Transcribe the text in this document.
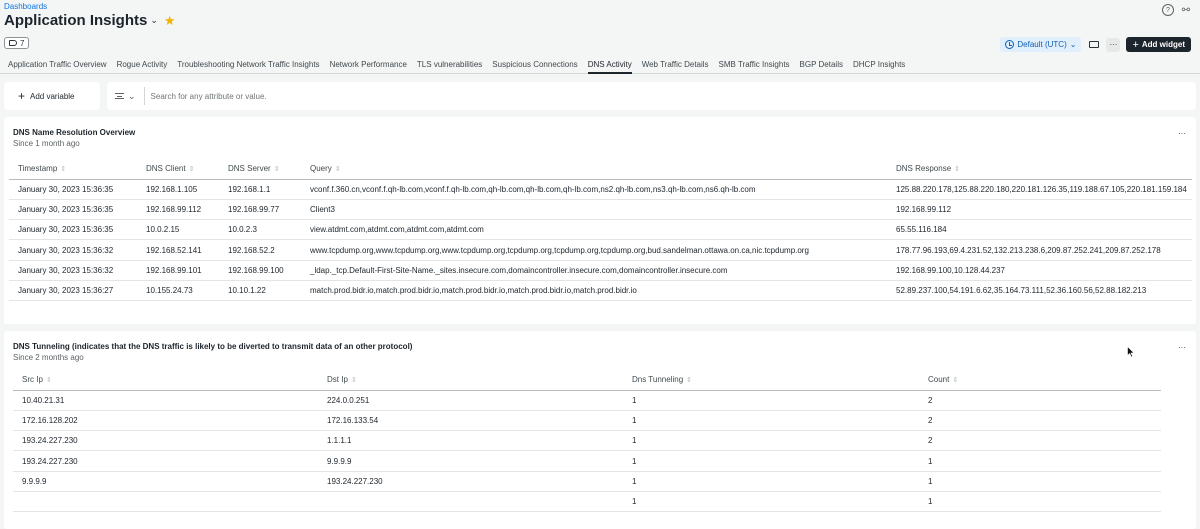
Dashboards
Application Insights ⌄ ★
7
?	⚯
Default (UTC) ⌄	··· + Add widget
Application Traffic Overview Rogue Activity Troubleshooting Network Traffic Insights Network Performance TLS vulnerabilities Suspicious Connections DNS Activity Web Traffic Details SMB Traffic Insights BGP Details DHCP Insights
+ Add variable	⌄ Search for any attribute or value.
DNS Name Resolution Overview
Since 1 month ago
···
Timestamp ⇕	DNS Client ⇕	DNS Server ⇕	Query ⇕	DNS Response ⇕
January 30, 2023 15:36:35	192.168.1.105	192.168.1.1	vconf.f.360.cn,vconf.f.qh-lb.com,vconf.f.qh-lb.com,qh-lb.com,qh-lb.com,qh-lb.com,ns2.qh-lb.com,ns3.qh-lb.com,ns6.qh-lb.com	125.88.220.178,125.88.220.180,220.181.126.35,119.188.67.105,220.181.159.184
January 30, 2023 15:36:35	192.168.99.112	192.168.99.77	Client3	192.168.99.112
January 30, 2023 15:36:35	10.0.2.15	10.0.2.3	view.atdmt.com,atdmt.com,atdmt.com,atdmt.com	65.55.116.184
January 30, 2023 15:36:32	192.168.52.141	192.168.52.2	www.tcpdump.org,www.tcpdump.org,www.tcpdump.org,tcpdump.org,tcpdump.org,tcpdump.org,bud.sandelman.ottawa.on.ca,nic.tcpdump.org	178.77.96.193,69.4.231.52,132.213.238.6,209.87.252.241,209.87.252.178
January 30, 2023 15:36:32	192.168.99.101	192.168.99.100	_ldap._tcp.Default-First-Site-Name._sites.insecure.com,domaincontroller.insecure.com,domaincontroller.insecure.com	192.168.99.100,10.128.44.237
January 30, 2023 15:36:27	10.155.24.73	10.10.1.22	match.prod.bidr.io,match.prod.bidr.io,match.prod.bidr.io,match.prod.bidr.io,match.prod.bidr.io	52.89.237.100,54.191.6.62,35.164.73.111,52.36.160.56,52.88.182.213
DNS Tunneling (indicates that the DNS traffic is likely to be diverted to transmit data of an other protocol)
Since 2 months ago
···
Src Ip ⇕	Dst Ip ⇕	Dns Tunneling ⇕	Count ⇕
10.40.21.31	224.0.0.251	1	2
172.16.128.202	172.16.133.54	1	2
193.24.227.230	1.1.1.1	1	2
193.24.227.230	9.9.9.9	1	1
9.9.9.9	193.24.227.230	1	1
		1	1
